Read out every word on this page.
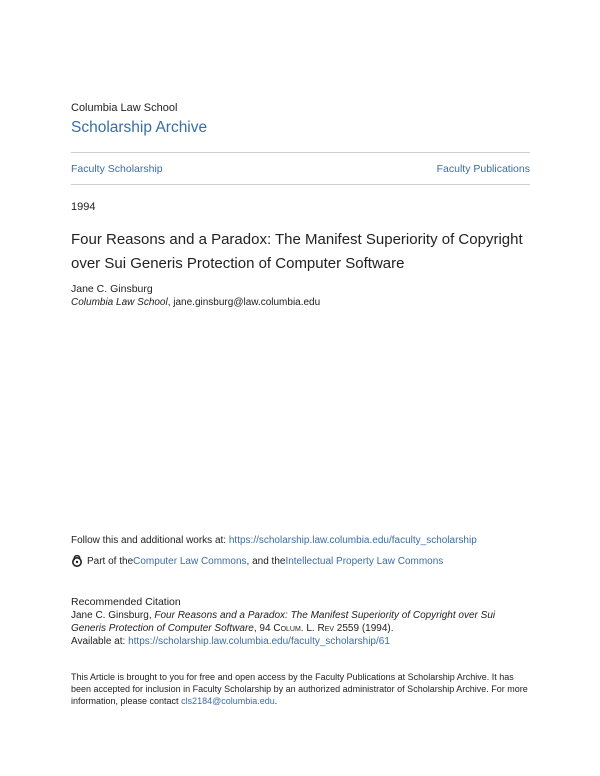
Columbia Law School
Scholarship Archive
Faculty Scholarship	Faculty Publications
1994
Four Reasons and a Paradox: The Manifest Superiority of Copyright over Sui Generis Protection of Computer Software
Jane C. Ginsburg
Columbia Law School, jane.ginsburg@law.columbia.edu
Follow this and additional works at: https://scholarship.law.columbia.edu/faculty_scholarship
Part of the Computer Law Commons , and the Intellectual Property Law Commons
Recommended Citation
Jane C. Ginsburg, Four Reasons and a Paradox: The Manifest Superiority of Copyright over Sui Generis Protection of Computer Software, 94 Colum. L. Rev 2559 (1994).
Available at: https://scholarship.law.columbia.edu/faculty_scholarship/61
This Article is brought to you for free and open access by the Faculty Publications at Scholarship Archive. It has been accepted for inclusion in Faculty Scholarship by an authorized administrator of Scholarship Archive. For more information, please contact cls2184@columbia.edu.
